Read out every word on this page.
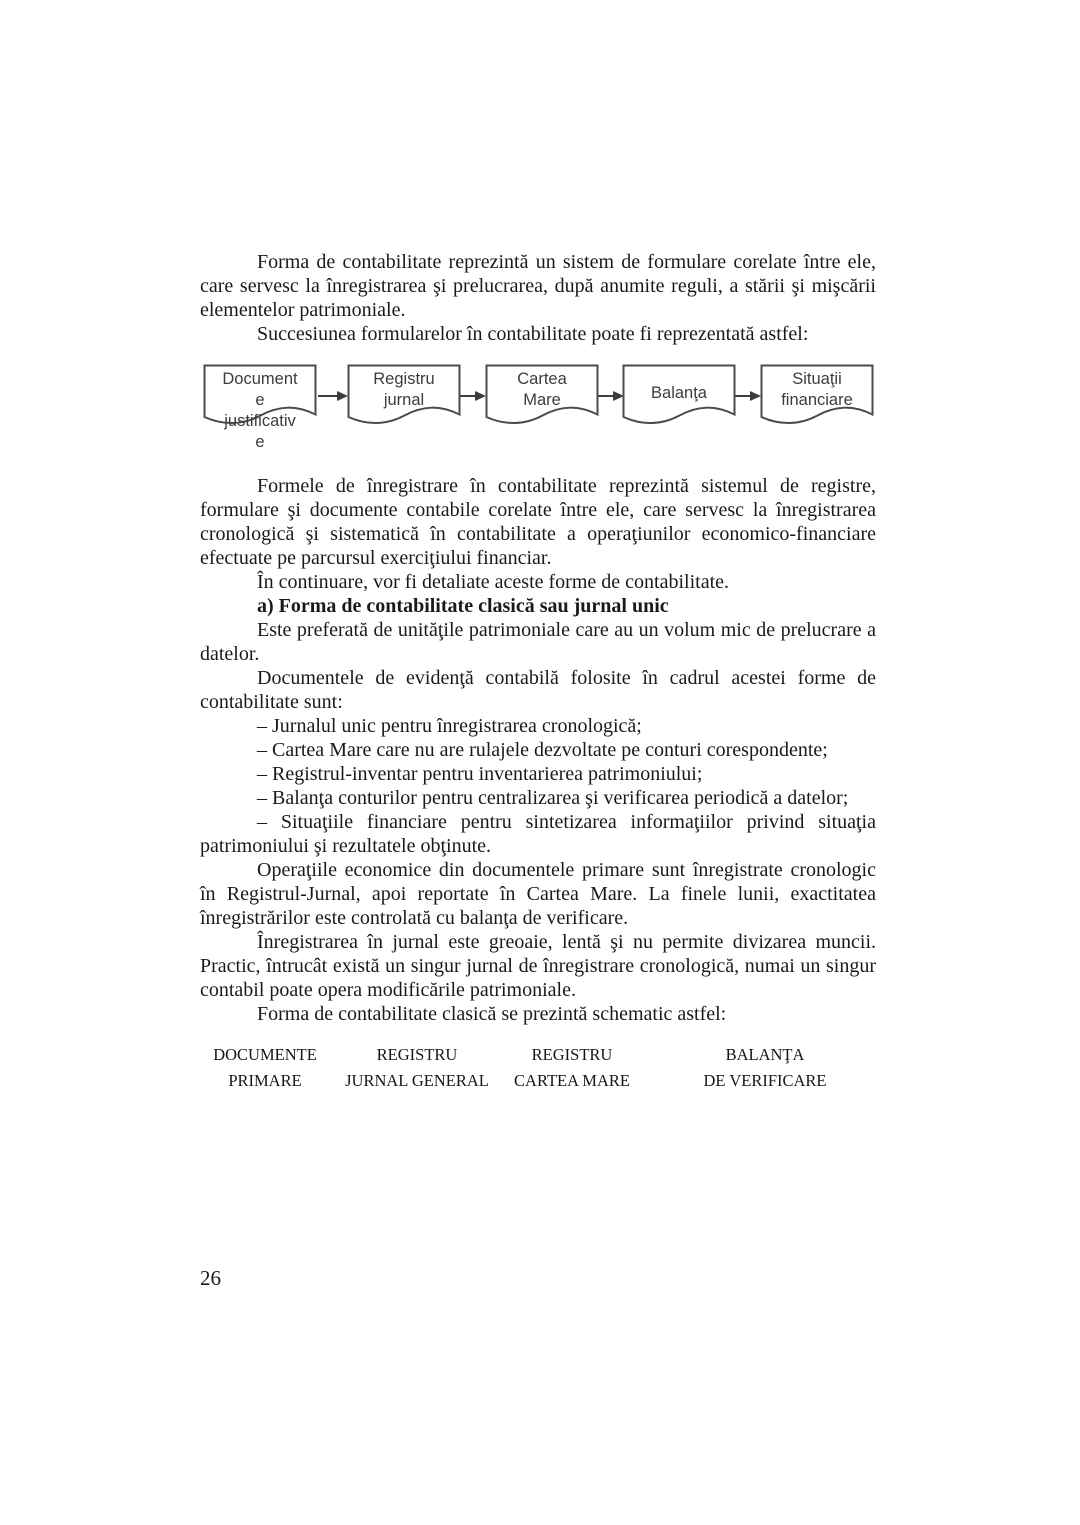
Forma de contabilitate reprezintă un sistem de formulare corelate între ele, care servesc la înregistrarea şi prelucrarea, după anumite reguli, a stării şi mişcării elementelor patrimoniale.

Succesiunea formularelor în contabilitate poate fi reprezentată astfel:

Document
e
justificativ
e
Registru
jurnal
Cartea
Mare	Balanţa
Situaţii
financiare

Formele de înregistrare în contabilitate reprezintă sistemul de registre, formulare şi documente contabile corelate între ele, care servesc la înregistrarea cronologică şi sistematică în contabilitate a operaţiunilor economico-financiare efectuate pe parcursul exerciţiului financiar.

În continuare, vor fi detaliate aceste forme de contabilitate.

a) Forma de contabilitate clasică sau jurnal unic

Este preferată de unităţile patrimoniale care au un volum mic de prelucrare a datelor.

Documentele de evidenţă contabilă folosite în cadrul acestei forme de contabilitate sunt:

– Jurnalul unic pentru înregistrarea cronologică;

– Cartea Mare care nu are rulajele dezvoltate pe conturi corespondente;

– Registrul-inventar pentru inventarierea patrimoniului;

– Balanţa conturilor pentru centralizarea şi verificarea periodică a datelor;

– Situaţiile financiare pentru sintetizarea informaţiilor privind situaţia patrimoniului şi rezultatele obţinute.

Operaţiile economice din documentele primare sunt înregistrate cronologic în Registrul-Jurnal, apoi reportate în Cartea Mare. La finele lunii, exactitatea înregistrărilor este controlată cu balanţa de verificare.

Înregistrarea în jurnal este greoaie, lentă şi nu permite divizarea muncii. Practic, întrucât există un singur jurnal de înregistrare cronologică, numai un singur contabil poate opera modificările patrimoniale.

Forma de contabilitate clasică se prezintă schematic astfel:

DOCUMENTE
PRIMARE
REGISTRU
JURNAL GENERAL
REGISTRU
CARTEA MARE
BALANŢA
DE VERIFICARE
26
